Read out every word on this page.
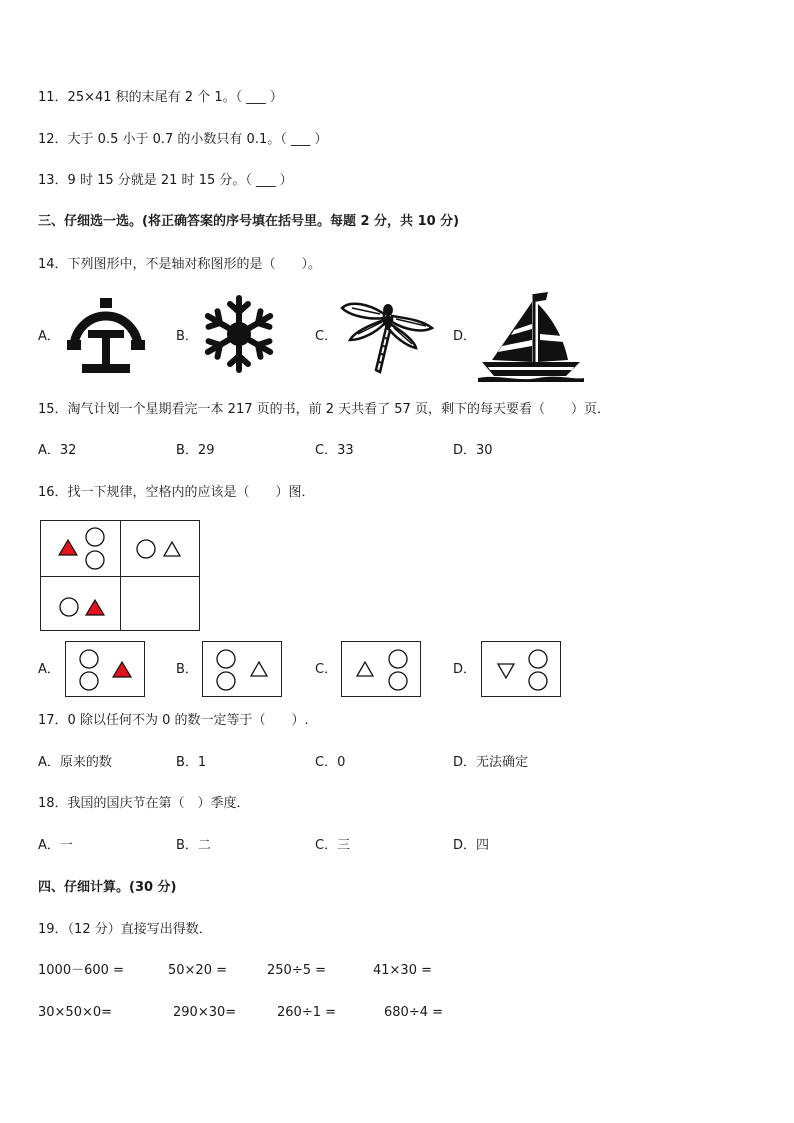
11．25×41 积的末尾有 2 个 1。（ ___ ）
12．大于 0.5 小于 0.7 的小数只有 0.1。（ ___ ）
13．9 时 15 分就是 21 时 15 分。（ ___ ）
三、仔细选一选。(将正确答案的序号填在括号里。每题 2 分，共 10 分)
14．下列图形中，不是轴对称图形的是（　　）。
A．	B．	C．	D．
15．淘气计划一个星期看完一本 217 页的书，前 2 天共看了 57 页，剩下的每天要看（　　）页．
A．32	B．29	C．33	D．30
16．找一下规律，空格内的应该是（　　）图．
A．	B．	C．	D．
17．0 除以任何不为 0 的数一定等于（　　）.
A．原来的数	B．1	C．0	D．无法确定
18．我国的国庆节在第（　）季度．
A．一	B．二	C．三	D．四
四、仔细计算。(30 分)
19．（12 分）直接写出得数．
1000－600 =	50×20 =	250÷5 =	41×30 =
30×50×0=	290×30=	260÷1 =	680÷4 =
